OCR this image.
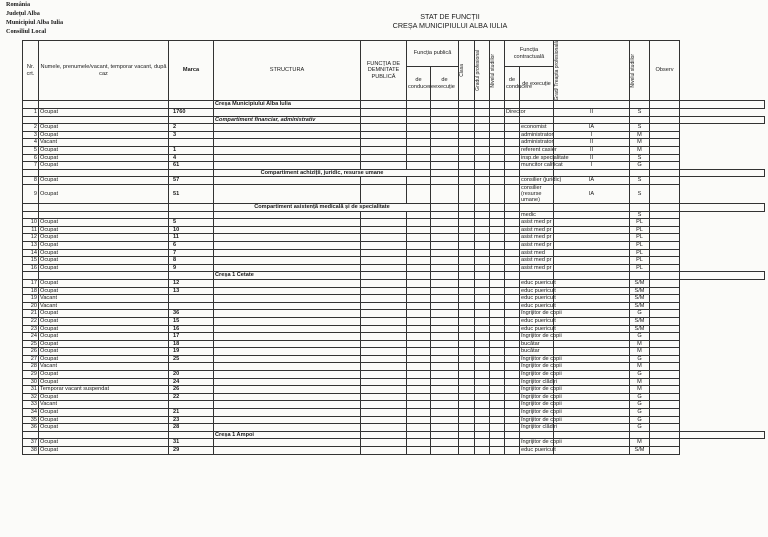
România
Județul Alba
Municipiul Alba Iulia
Consiliul Local
STAT DE FUNCȚII
CREȘA MUNICIPIULUI ALBA IULIA
Nr. crt.	Numele, prenumele/vacant, temporar vacant, după caz	Marca	STRUCTURA	FUNCȚIA DE DEMNITATE PUBLICĂ	Funcția publică		Clasa	Gradul profesional	Nivelul studiilor	Funcția contractuală		Grad/ Treapta profesională	Nivelul studiilor	Observ		
					de conducere	de execuție				de conducere	de execuție					
			Creșa Municipiului Alba Iulia													
1	Ocupat	1760								Director		II	S		
			Compartiment financiar, administrativ													
2	Ocupat	2									economist	IA	S		
3	Ocupat	3									administrator	I	M		
4	Vacant										administrator	II	M		
5	Ocupat	1									referent casier	II	M		
6	Ocupat	4									insp.de specialitate	II	S		
7	Ocupat	61									muncitor calificat	I	G		
			Compartiment achiziții, juridic, resurse umane													
8	Ocupat	57									consilier (juridic)	IA	S		
9	Ocupat	51									consilier (resurse umane)	IA	S		
			Compartiment asistență medicală și de specialitate													
											medic		S		
10	Ocupat	5									asist med pr		PL		
11	Ocupat	10									asist med pr		PL		
12	Ocupat	11									asist med pr		PL		
13	Ocupat	6									asist med pr		PL		
14	Ocupat	7									asist med		PL		
15	Ocupat	8									asist med pr		PL		
16	Ocupat	9									asist med pr		PL		
			Creșa 1 Cetate													
17	Ocupat	12									educ puericult		S/M		
18	Ocupat	13									educ puericult		S/M		
19	Vacant										educ puericult		S/M		
20	Vacant										educ puericult		S/M		
21	Ocupat	36									îngrijitor de copii		G		
22	Ocupat	15									educ puericult		S/M		
23	Ocupat	16									educ puericult		S/M		
24	Ocupat	17									îngrijitor de copii		G		
25	Ocupat	18									bucătar		M		
26	Ocupat	19									bucătar		M		
27	Ocupat	25									îngrijitor de copii		G		
28	Vacant										îngrijitor de copii		M		
29	Ocupat	20									îngrijitor de copii		G		
30	Ocupat	24									îngrijitor clădiri		M		
31	Temporar vacant suspendat	26									îngrijitor de copii		M		
32	Ocupat	22									îngrijitor de copii		G		
33	Vacant										îngrijitor de copii		G		
34	Ocupat	21									îngrijitor de copii		G		
35	Ocupat	23									îngrijitor de copii		G		
36	Ocupat	28									îngrijitor clădiri		G		
			Creșa 1 Ampoi													
37	Ocupat	31									îngrijitor de copii		M		
38	Ocupat	29									educ puericult		S/M		
